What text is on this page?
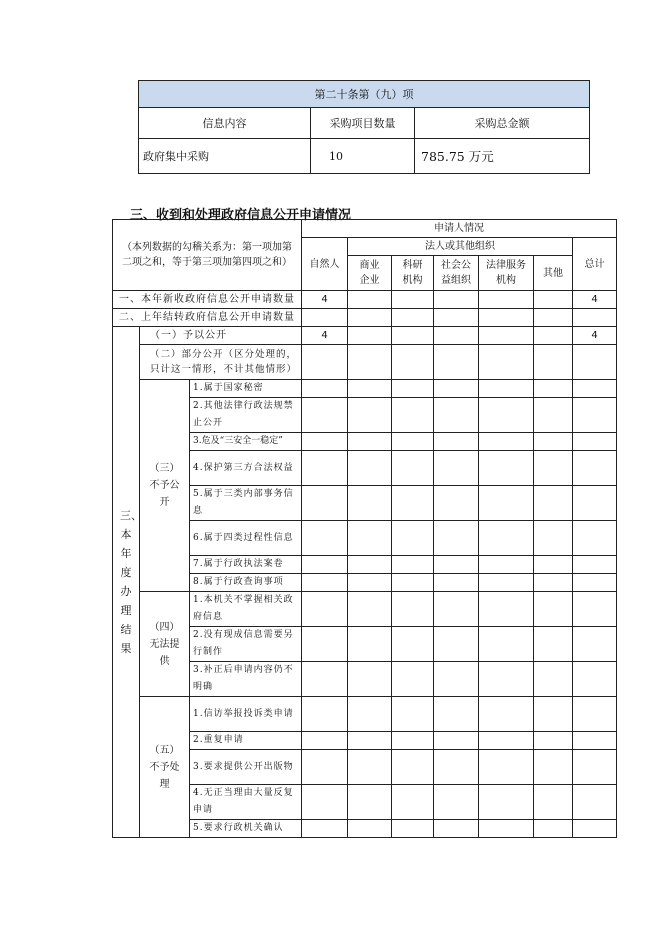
第二十条第（九）项		
信息内容	采购项目数量	采购总金额
政府集中采购	10	785.75 万元
三、收到和处理政府信息公开申请情况
（本列数据的勾稽关系为：第一项加第二项之和，等于第三项加第四项之和）			申请人情况						
			自然人	法人或其他组织					总计
				商业企业	科研机构	社会公益组织	法律服务机构	其他	
一、本年新收政府信息公开申请数量			4						4
二、上年结转政府信息公开申请数量									
三、本年度办理结果	（一）予以公开		4						4
	（二）部分公开（区分处理的，只计这一情形，不计其他情形）								
	（三）不予公开	1.属于国家秘密							
		2.其他法律行政法规禁止公开							
		3.危及“三安全一稳定”							
		4.保护第三方合法权益							
		5.属于三类内部事务信息							
		6.属于四类过程性信息							
		7.属于行政执法案卷							
		8.属于行政查询事项							
	（四）无法提供	1.本机关不掌握相关政府信息							
		2.没有现成信息需要另行制作							
		3.补正后申请内容仍不明确							
	（五）不予处理	1.信访举报投诉类申请							
		2.重复申请							
		3.要求提供公开出版物							
		4.无正当理由大量反复申请							
		5.要求行政机关确认							
